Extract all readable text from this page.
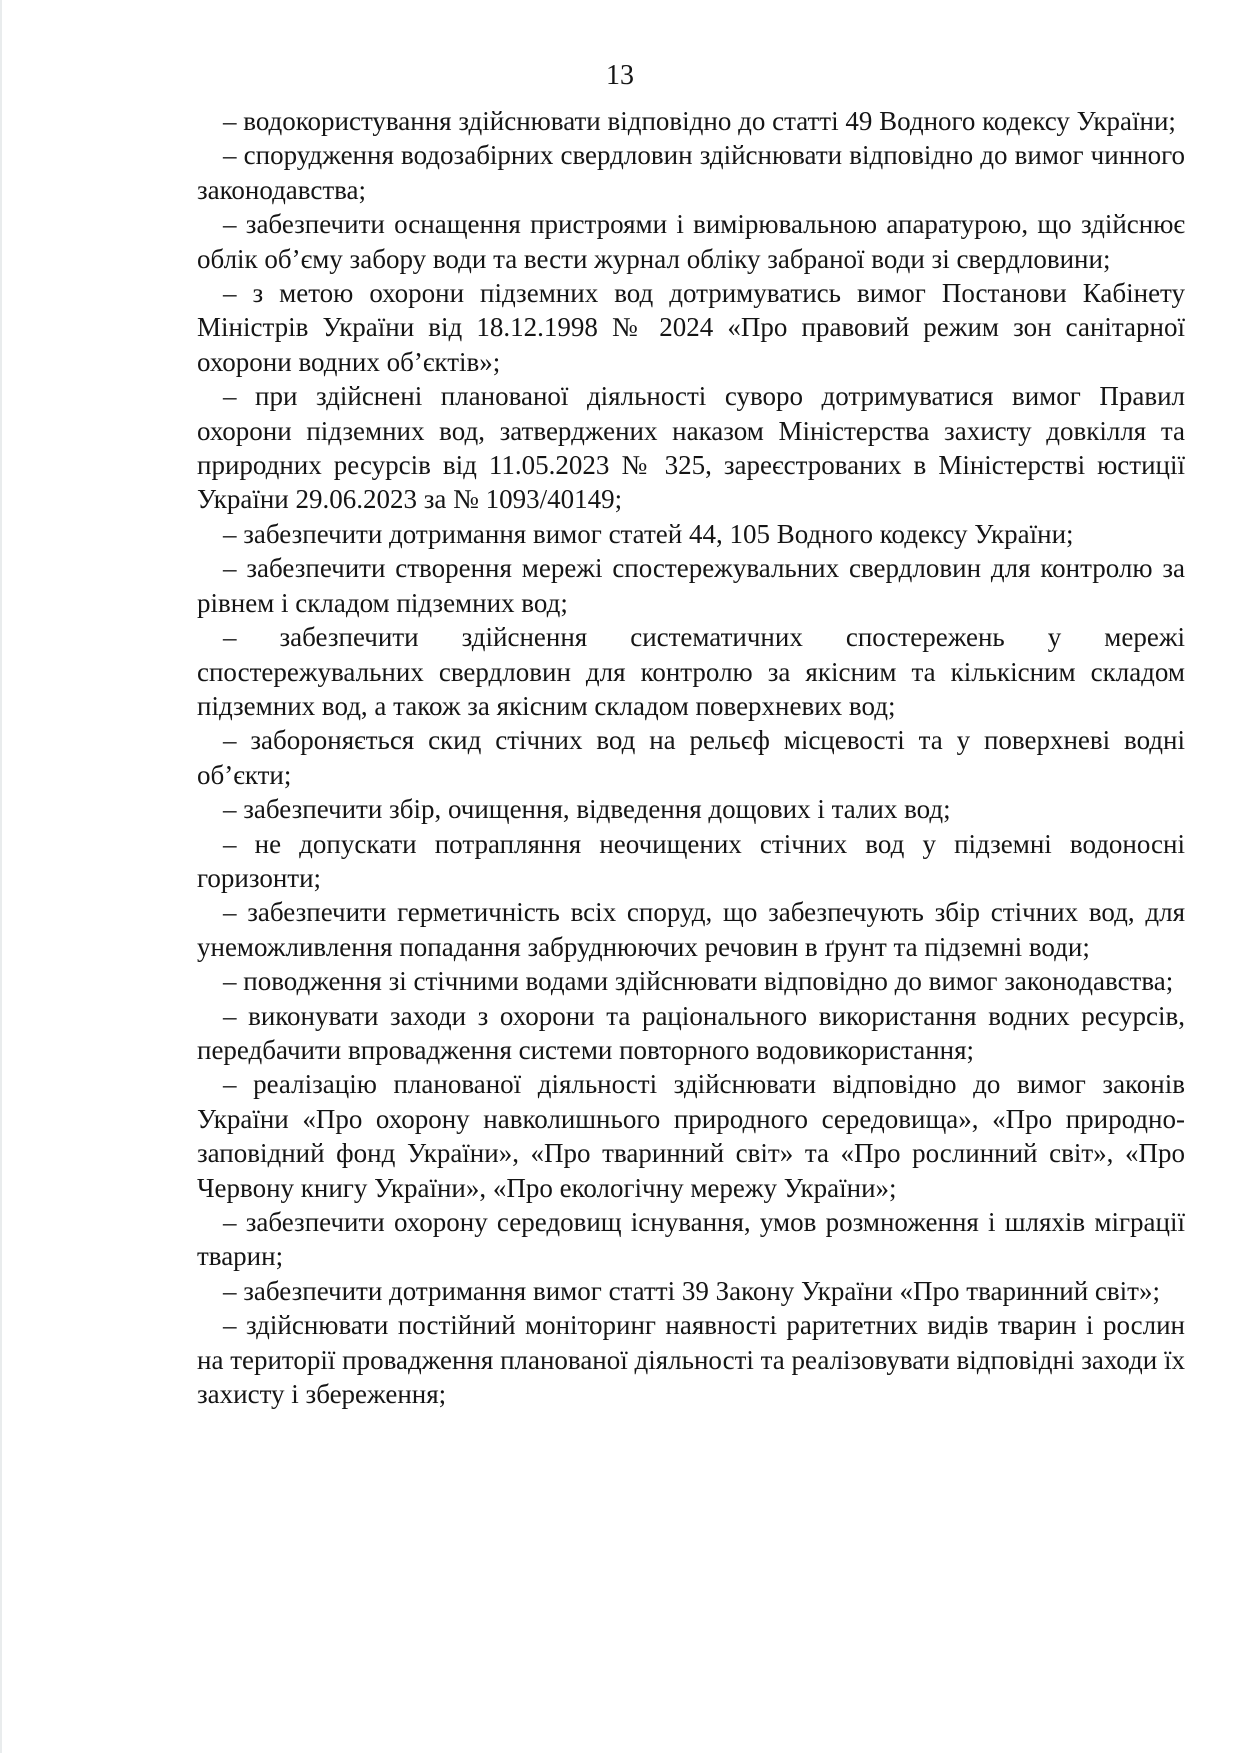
13

– водокористування здійснювати відповідно до статті 49 Водного кодексу України;

– спорудження водозабірних свердловин здійснювати відповідно до вимог чинного законодавства;

– забезпечити оснащення пристроями і вимірювальною апаратурою, що здійснює облік об’єму забору води та вести журнал обліку забраної води зі свердловини;

– з метою охорони підземних вод дотримуватись вимог Постанови Кабінету Міністрів України від 18.12.1998 № 2024 «Про правовий режим зон санітарної охорони водних об’єктів»;

– при здійснені планованої діяльності суворо дотримуватися вимог Правил охорони підземних вод, затверджених наказом Міністерства захисту довкілля та природних ресурсів від 11.05.2023 № 325, зареєстрованих в Міністерстві юстиції України 29.06.2023 за № 1093/40149;

– забезпечити дотримання вимог статей 44, 105 Водного кодексу України;

– забезпечити створення мережі спостережувальних свердловин для контролю за рівнем і складом підземних вод;

– забезпечити здійснення систематичних спостережень у мережі спостережувальних свердловин для контролю за якісним та кількісним складом підземних вод, а також за якісним складом поверхневих вод;

– забороняється скид стічних вод на рельєф місцевості та у поверхневі водні об’єкти;

– забезпечити збір, очищення, відведення дощових і талих вод;

– не допускати потрапляння неочищених стічних вод у підземні водоносні горизонти;

– забезпечити герметичність всіх споруд, що забезпечують збір стічних вод, для унеможливлення попадання забруднюючих речовин в ґрунт та підземні води;

– поводження зі стічними водами здійснювати відповідно до вимог законодавства;

– виконувати заходи з охорони та раціонального використання водних ресурсів, передбачити впровадження системи повторного водовикористання;

– реалізацію планованої діяльності здійснювати відповідно до вимог законів України «Про охорону навколишнього природного середовища», «Про природно-заповідний фонд України», «Про тваринний світ» та «Про рослинний світ», «Про Червону книгу України», «Про екологічну мережу України»;

– забезпечити охорону середовищ існування, умов розмноження і шляхів міграції тварин;

– забезпечити дотримання вимог статті 39 Закону України «Про тваринний світ»;

– здійснювати постійний моніторинг наявності раритетних видів тварин і рослин на території провадження планованої діяльності та реалізовувати відповідні заходи їх захисту і збереження;
